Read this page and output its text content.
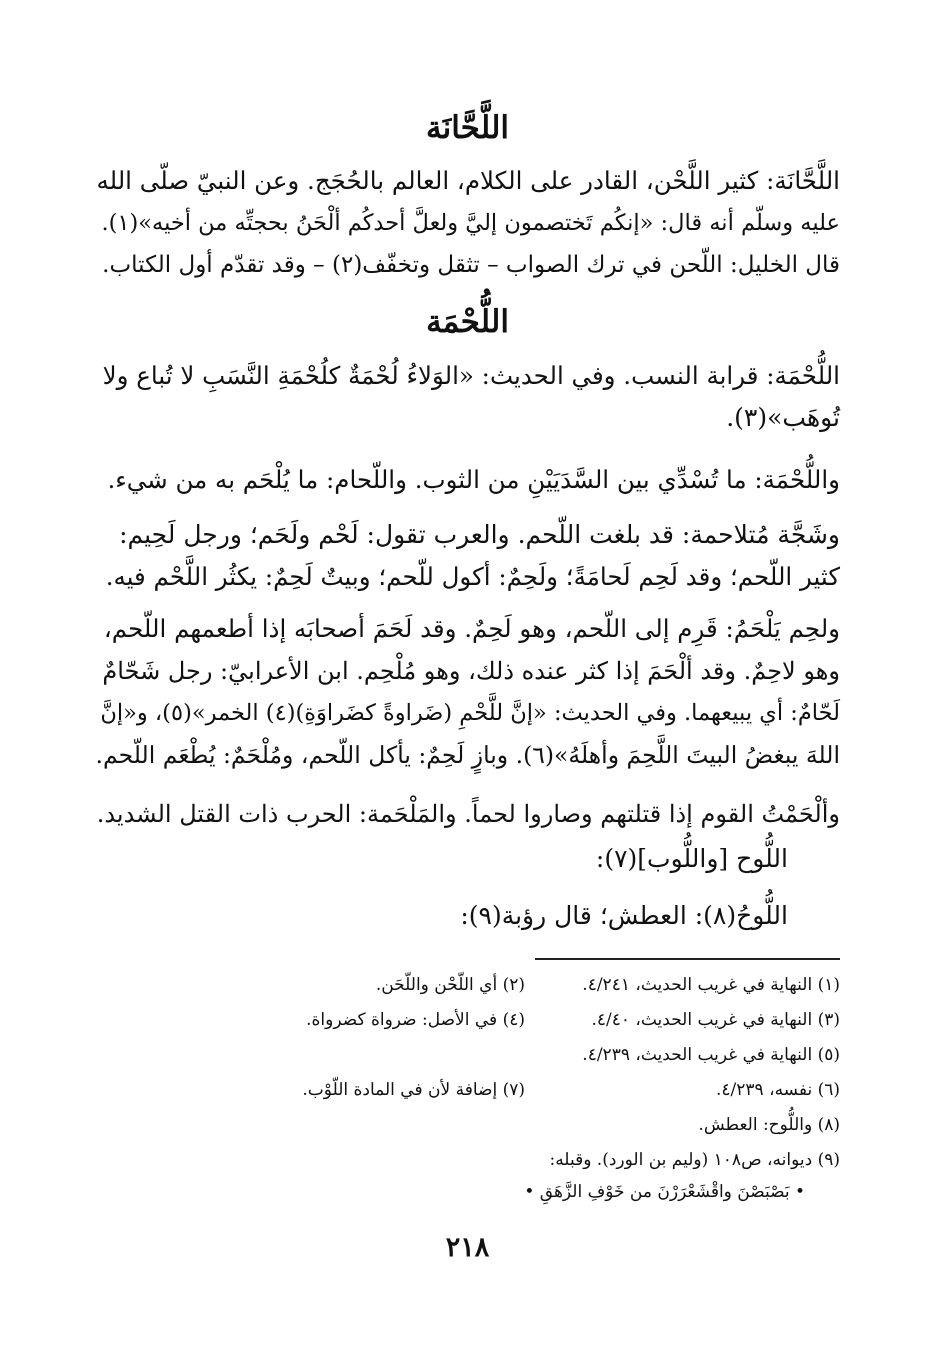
اللَّحَّانَة
اللَّحَّانَة: كثير اللَّحْن، القادر على الكلام، العالم بالحُجَج. وعن النبيّ صلّى الله
عليه وسلّم أنه قال: «إنكُم تَختصمون إليَّ ولعلَّ أحدكُم ألْحَنُ بحجتِّه من أخيه»(١).
قال الخليل: اللّحن في ترك الصواب – تثقل وتخفّف(٢) – وقد تقدّم أول الكتاب.
اللُّحْمَة
اللُّحْمَة: قرابة النسب. وفي الحديث: «الوَلاءُ لُحْمَةٌ كلُحْمَةِ النَّسَبِ لا تُباع ولا
تُوهَب»(٣).
واللُّحْمَة: ما تُسْدِّي بين السَّدَيَيْنِ من الثوب. واللّحام: ما يُلْحَم به من شيء.
وشَجَّة مُتلاحمة: قد بلغت اللّحم. والعرب تقول: لَحْم ولَحَم؛ ورجل لَحِيم:
كثير اللّحم؛ وقد لَحِم لَحامَةً؛ ولَحِمٌ: أكول للّحم؛ وبيتٌ لَحِمٌ: يكثُر اللَّحْم فيه.
ولحِم يَلْحَمُ: قَرِم إلى اللّحم، وهو لَحِمٌ. وقد لَحَمَ أصحابَه إذا أطعمهم اللّحم،
وهو لاحِمٌ. وقد ألْحَمَ إذا كثر عنده ذلك، وهو مُلْحِم. ابن الأعرابيّ: رجل شَحّامٌ
لَحّامٌ: أي يبيعهما. وفي الحديث: «إنَّ للَّحْمِ (ضَراوةً كضَراوَةِ)(٤) الخمر»(٥)، و«إنَّ
اللهَ يبغضُ البيتَ اللَّحِمَ وأهلَهُ»(٦). وبازٍ لَحِمٌ: يأكل اللّحم، ومُلْحَمٌ: يُطْعَم اللّحم.
وألْحَمْتُ القوم إذا قتلتهم وصاروا لحماً. والمَلْحَمة: الحرب ذات القتل الشديد.
اللُّوح [واللُّوب](٧):
اللُّوحُ(٨): العطش؛ قال رؤبة(٩):
(١) النهاية في غريب الحديث، ٤/٢٤١.
(٢) أي اللّحْن واللّحَن.
(٣) النهاية في غريب الحديث، ٤/٤٠.
(٤) في الأصل: ضرواة كضرواة.
(٥) النهاية في غريب الحديث، ٤/٢٣٩.
(٦) نفسه، ٤/٢٣٩.
(٧) إضافة لأن في المادة اللّوْب.
(٨) واللُّوح: العطش.
(٩) ديوانه، ص١٠٨ (وليم بن الورد). وقبله:
• بَصْبَصْنَ واقْشَعْرَرْنَ من خَوْفِ الزَّهَقِ •
٢١٨
